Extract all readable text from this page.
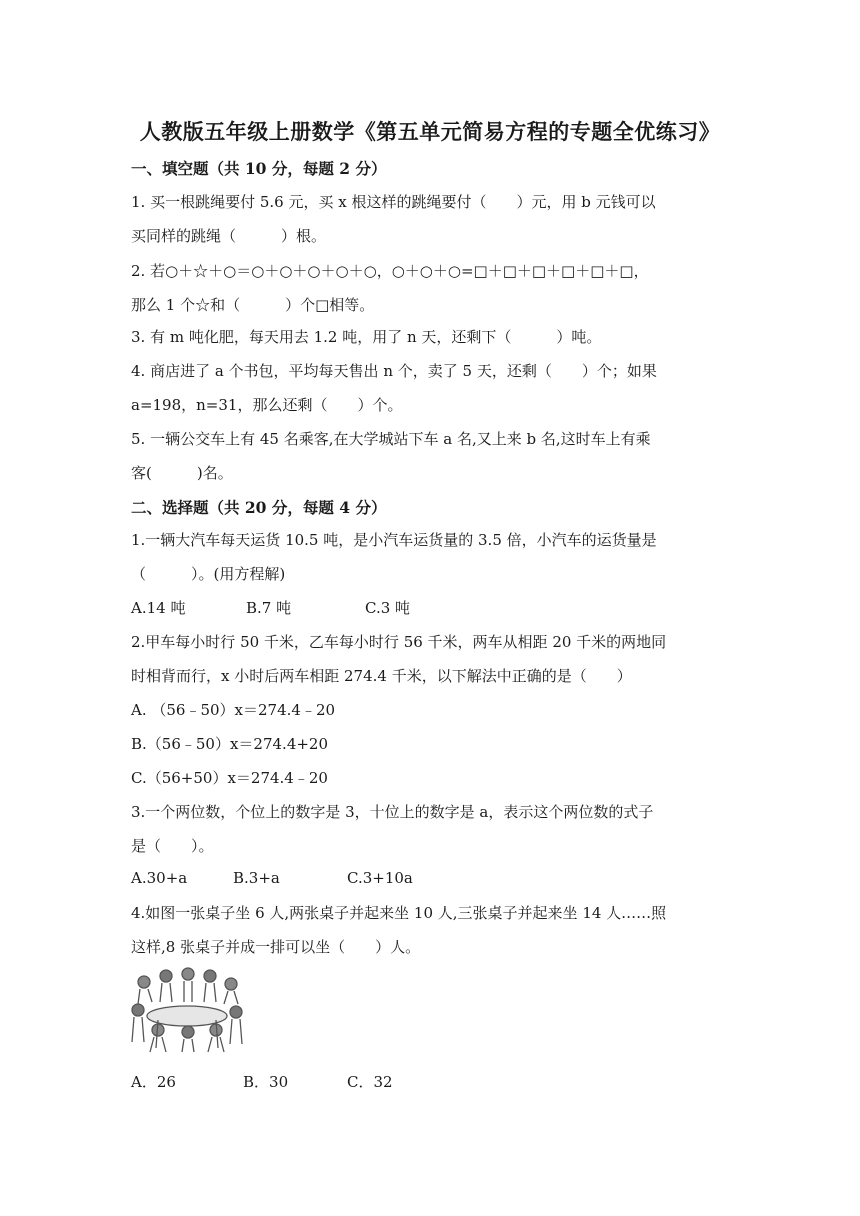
人教版五年级上册数学《第五单元简易方程的专题全优练习》
一、填空题（共 10 分，每题 2 分）
1. 买一根跳绳要付 5.6 元，买 x 根这样的跳绳要付（　　）元，用 b 元钱可以
买同样的跳绳（　　　）根。
2. 若○＋☆＋○＝○＋○＋○＋○＋○，○＋○＋○=□＋□＋□＋□＋□＋□，
那么 1 个☆和（　　　）个□相等。
3. 有 m 吨化肥，每天用去 1.2 吨，用了 n 天，还剩下（　　　）吨。
4. 商店进了 a 个书包，平均每天售出 n 个，卖了 5 天，还剩（　　）个；如果
a=198，n=31，那么还剩（　　）个。
5. 一辆公交车上有 45 名乘客,在大学城站下车 a 名,又上来 b 名,这时车上有乘
客(　　　)名。
二、选择题（共 20 分，每题 4 分）
1.一辆大汽车每天运货 10.5 吨，是小汽车运货量的 3.5 倍，小汽车的运货量是
（　　　）。(用方程解)
A.14 吨	B.7 吨	C.3 吨
2.甲车每小时行 50 千米，乙车每小时行 56 千米，两车从相距 20 千米的两地同
时相背而行，x 小时后两车相距 274.4 千米，以下解法中正确的是（　　）
A. （56﹣50）x＝274.4﹣20
B.（56﹣50）x＝274.4+20
C.（56+50）x＝274.4﹣20
3.一个两位数，个位上的数字是 3，十位上的数字是 a，表示这个两位数的式子
是（　　）。
A.30+a	B.3+a	C.3+10a
4.如图一张桌子坐 6 人,两张桌子并起来坐 10 人,三张桌子并起来坐 14 人……照
这样,8 张桌子并成一排可以坐（　　）人。
A．26	B．30	C．32
